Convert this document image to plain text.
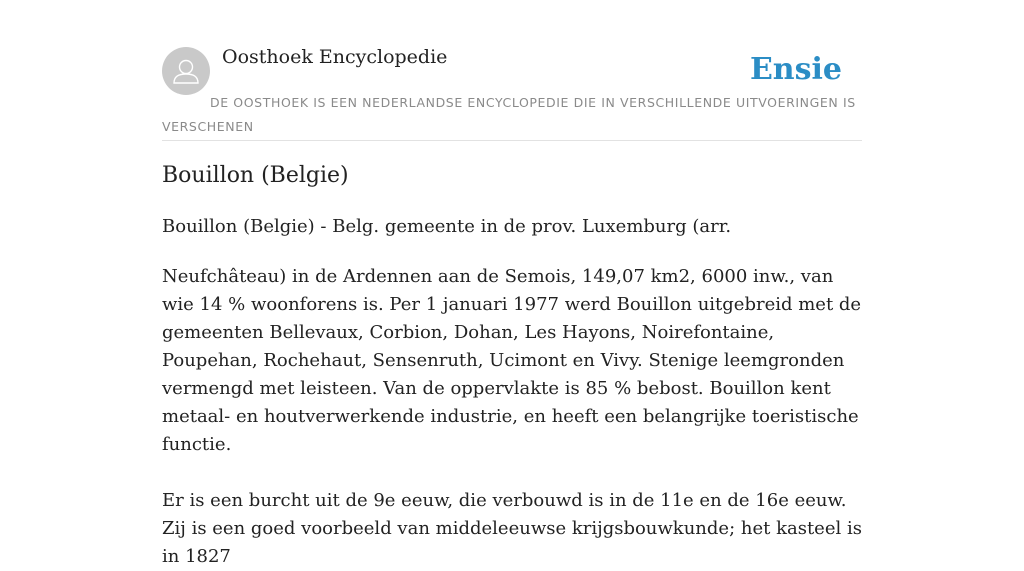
Oosthoek Encyclopedie	Ensie
DE OOSTHOEK IS EEN NEDERLANDSE ENCYCLOPEDIE DIE IN VERSCHILLENDE UITVOERINGEN IS VERSCHENEN
Bouillon (Belgie)

Bouillon (Belgie) - Belg. gemeente in de prov. Luxemburg (arr.

Neufchâteau) in de Ardennen aan de Semois, 149,07 km2, 6000 inw., van wie 14 % woonforens is. Per 1 januari 1977 werd Bouillon uitgebreid met de gemeenten Bellevaux, Corbion, Dohan, Les Hayons, Noirefontaine, Poupehan, Rochehaut, Sensenruth, Ucimont en Vivy. Stenige leemgronden vermengd met leisteen. Van de oppervlakte is 85 % bebost. Bouillon kent metaal- en houtverwerkende industrie, en heeft een belangrijke toeristische functie.

Er is een burcht uit de 9e eeuw, die verbouwd is in de 11e en de 16e eeuw. Zij is een goed voorbeeld van middeleeuwse krijgsbouwkunde; het kasteel is in 1827
